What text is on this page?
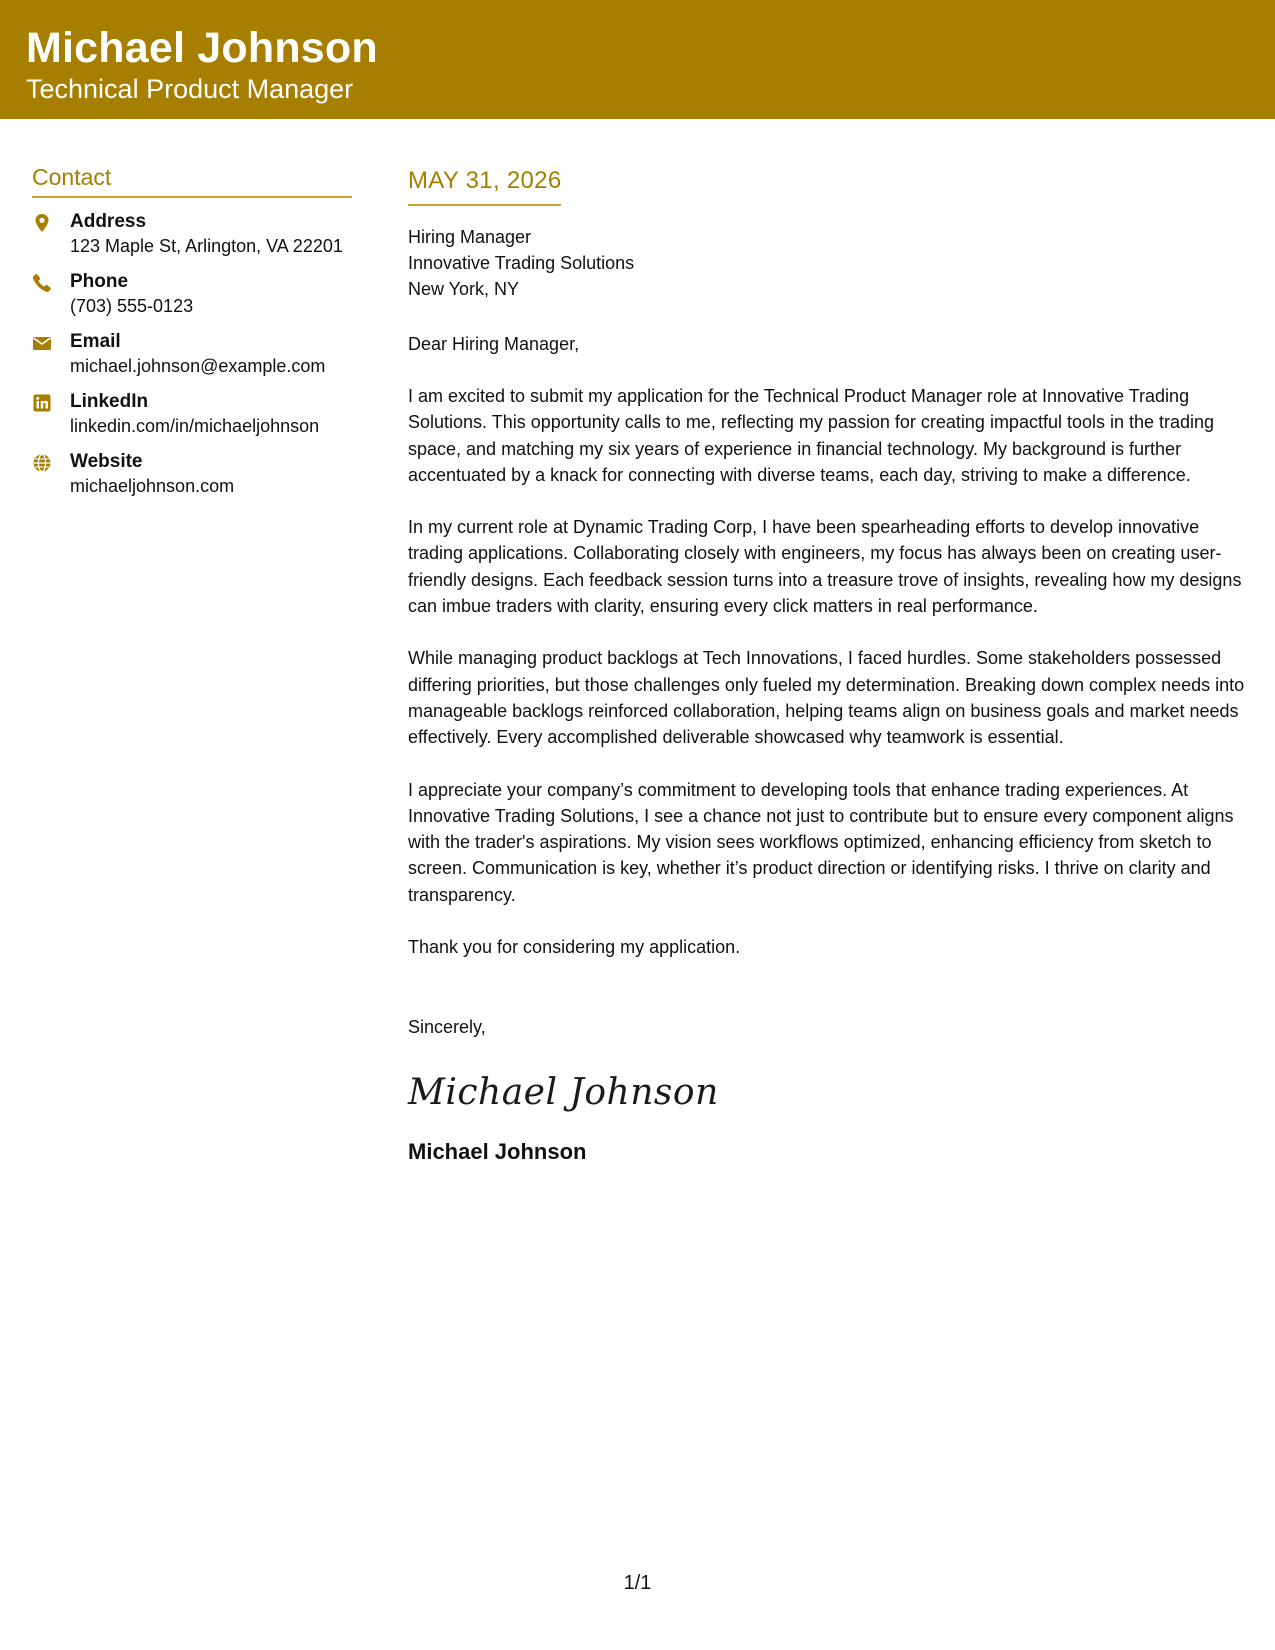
Michael Johnson
Technical Product Manager
Contact
Address
123 Maple St, Arlington, VA 22201
Phone
(703) 555-0123
Email
michael.johnson@example.com
LinkedIn
linkedin.com/in/michaeljohnson
Website
michaeljohnson.com
MAY 31, 2026
Hiring Manager
Innovative Trading Solutions
New York, NY
Dear Hiring Manager,
I am excited to submit my application for the Technical Product Manager role at Innovative Trading Solutions. This opportunity calls to me, reflecting my passion for creating impactful tools in the trading space, and matching my six years of experience in financial technology. My background is further accentuated by a knack for connecting with diverse teams, each day, striving to make a difference.
In my current role at Dynamic Trading Corp, I have been spearheading efforts to develop innovative trading applications. Collaborating closely with engineers, my focus has always been on creating user-friendly designs. Each feedback session turns into a treasure trove of insights, revealing how my designs can imbue traders with clarity, ensuring every click matters in real performance.
While managing product backlogs at Tech Innovations, I faced hurdles. Some stakeholders possessed differing priorities, but those challenges only fueled my determination. Breaking down complex needs into manageable backlogs reinforced collaboration, helping teams align on business goals and market needs effectively. Every accomplished deliverable showcased why teamwork is essential.
I appreciate your company’s commitment to developing tools that enhance trading experiences. At Innovative Trading Solutions, I see a chance not just to contribute but to ensure every component aligns with the trader's aspirations. My vision sees workflows optimized, enhancing efficiency from sketch to screen. Communication is key, whether it’s product direction or identifying risks. I thrive on clarity and transparency.
Thank you for considering my application.
Sincerely,
Michael Johnson
Michael Johnson
1/1
